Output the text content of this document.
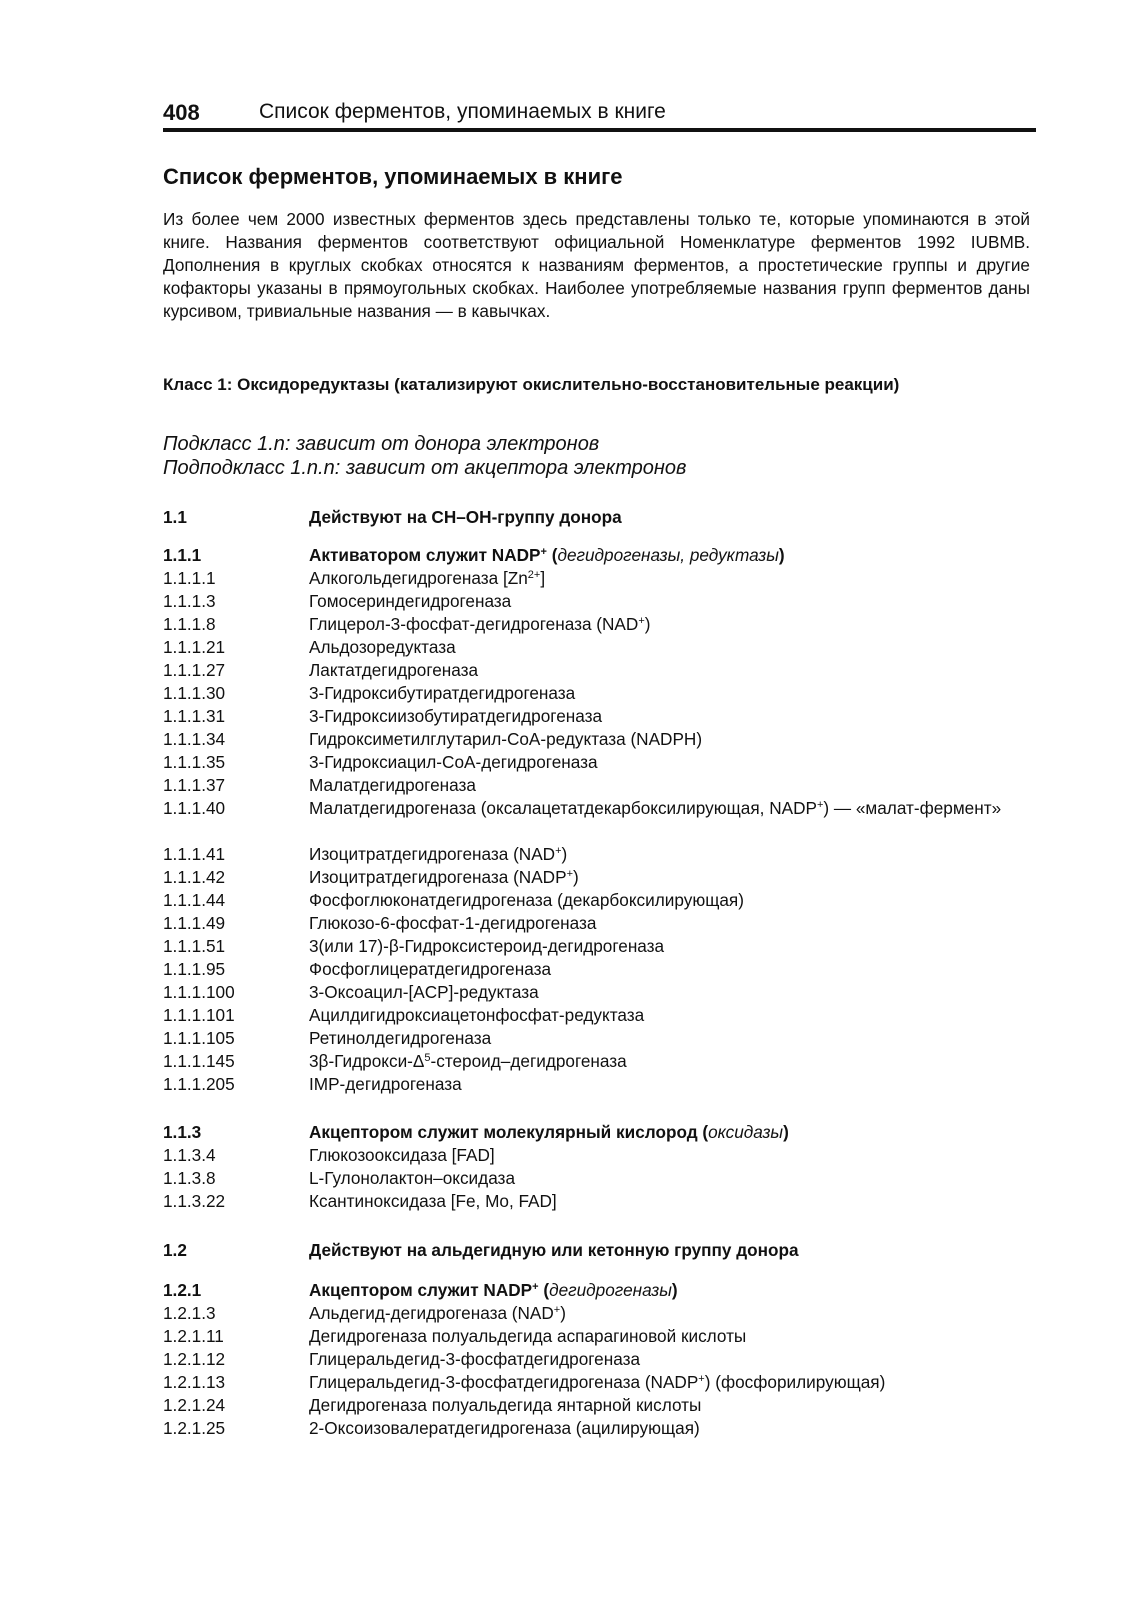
408	Список ферментов, упоминаемых в книге
Список ферментов, упоминаемых в книге

Из более чем 2000 известных ферментов здесь представлены только те, которые упоминаются в этой книге. Названия ферментов соответствуют официальной Номенклатуре ферментов 1992 IUBMB. Дополнения в круглых скобках относятся к названиям ферментов, а простетические группы и другие кофакторы указаны в прямоугольных скобках. Наиболее употребляемые названия групп ферментов даны курсивом, тривиальные названия — в кавычках.

Класс 1: Оксидоредуктазы (катализируют окислительно-восстановительные реакции)

Подкласс 1.n: зависит от донора электронов
Подподкласс 1.n.n: зависит от акцептора электронов
1.1	Действуют на CH–OH-группу донора
1.1.1	Активатором служит NADP+ (дегидрогеназы, редуктазы)
1.1.1.1	Алкогольдегидрогеназа $[Zn^{2+}]$
1.1.1.3	Гомосериндегидрогеназа
1.1.1.8	Глицерол-3-фосфат-дегидрогеназа (NAD+)
1.1.1.21	Альдозоредуктаза
1.1.1.27	Лактатдегидрогеназа
1.1.1.30	3-Гидроксибутиратдегидрогеназа
1.1.1.31	3-Гидроксиизобутиратдегидрогеназа
1.1.1.34	Гидроксиметилглутарил-CoA-редуктаза (NADPH)
1.1.1.35	3-Гидроксиацил-CoA-дегидрогеназа
1.1.1.37	Малатдегидрогеназа
1.1.1.40	Малатдегидрогеназа (оксалацетатдекарбоксилирующая, NADP+) — «малат-фермент»
1.1.1.41	Изоцитратдегидрогеназа (NAD+)
1.1.1.42	Изоцитратдегидрогеназа (NADP+)
1.1.1.44	Фосфоглюконатдегидрогеназа (декарбоксилирующая)
1.1.1.49	Глюкозо-6-фосфат-1-дегидрогеназа
1.1.1.51	3(или 17)-β-Гидроксистероид-дегидрогеназа
1.1.1.95	Фосфоглицератдегидрогеназа
1.1.1.100	3-Оксоацил-[ACP]-редуктаза
1.1.1.101	Ацилдигидроксиацетонфосфат-редуктаза
1.1.1.105	Ретинолдегидрогеназа
1.1.1.145	$3\beta-Гидрокси-\Delta^5-стероид$–дегидрогеназа
1.1.1.205	IMP-дегидрогеназа
1.1.3	Акцептором служит молекулярный кислород (оксидазы)
1.1.3.4	Глюкозооксидаза [FAD]
1.1.3.8	L-Гулонолактон–оксидаза
1.1.3.22	Ксантиноксидаза [Fe, Mo, FAD]
1.2	Действуют на альдегидную или кетонную группу донора
1.2.1	Акцептором служит NADP+ (дегидрогеназы)
1.2.1.3	Альдегид-дегидрогеназа (NAD+)
1.2.1.11	Дегидрогеназа полуальдегида аспарагиновой кислоты
1.2.1.12	Глицеральдегид-3-фосфатдегидрогеназа
1.2.1.13	Глицеральдегид-3-фосфатдегидрогеназа (NADP+) (фосфорилирующая)
1.2.1.24	Дегидрогеназа полуальдегида янтарной кислоты
1.2.1.25	2-Оксоизовалератдегидрогеназа (ацилирующая)
